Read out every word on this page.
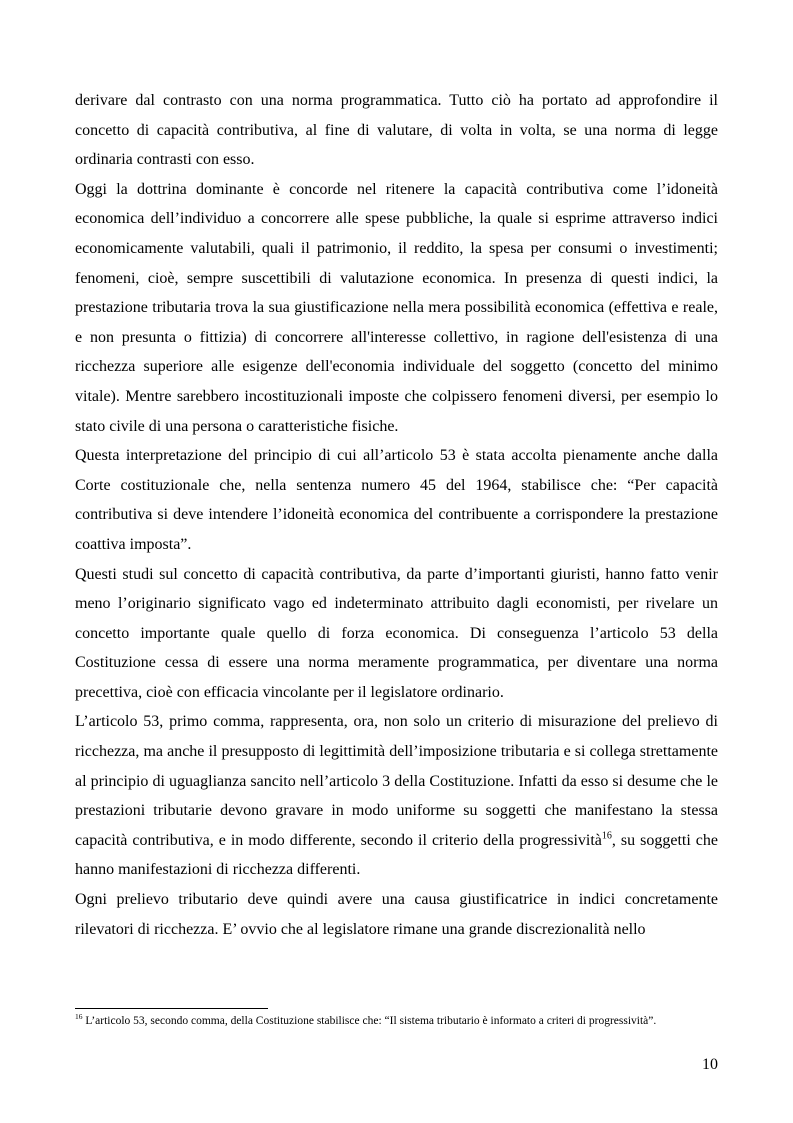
derivare dal contrasto con una norma programmatica. Tutto ciò ha portato ad approfondire il concetto di capacità contributiva, al fine di valutare, di volta in volta, se una norma di legge ordinaria contrasti con esso.

Oggi la dottrina dominante è concorde nel ritenere la capacità contributiva come l’idoneità economica dell’individuo a concorrere alle spese pubbliche, la quale si esprime attraverso indici economicamente valutabili, quali il patrimonio, il reddito, la spesa per consumi o investimenti; fenomeni, cioè, sempre suscettibili di valutazione economica. In presenza di questi indici, la prestazione tributaria trova la sua giustificazione nella mera possibilità economica (effettiva e reale, e non presunta o fittizia) di concorrere all'interesse collettivo, in ragione dell'esistenza di una ricchezza superiore alle esigenze dell'economia individuale del soggetto (concetto del minimo vitale). Mentre sarebbero incostituzionali imposte che colpissero fenomeni diversi, per esempio lo stato civile di una persona o caratteristiche fisiche.

Questa interpretazione del principio di cui all’articolo 53 è stata accolta pienamente anche dalla Corte costituzionale che, nella sentenza numero 45 del 1964, stabilisce che: “Per capacità contributiva si deve intendere l’idoneità economica del contribuente a corrispondere la prestazione coattiva imposta”.

Questi studi sul concetto di capacità contributiva, da parte d’importanti giuristi, hanno fatto venir meno l’originario significato vago ed indeterminato attribuito dagli economisti, per rivelare un concetto importante quale quello di forza economica. Di conseguenza l’articolo 53 della Costituzione cessa di essere una norma meramente programmatica, per diventare una norma precettiva, cioè con efficacia vincolante per il legislatore ordinario.

L’articolo 53, primo comma, rappresenta, ora, non solo un criterio di misurazione del prelievo di ricchezza, ma anche il presupposto di legittimità dell’imposizione tributaria e si collega strettamente al principio di uguaglianza sancito nell’articolo 3 della Costituzione. Infatti da esso si desume che le prestazioni tributarie devono gravare in modo uniforme su soggetti che manifestano la stessa capacità contributiva, e in modo differente, secondo il criterio della progressività$^{16}$, su soggetti che hanno manifestazioni di ricchezza differenti.

Ogni prelievo tributario deve quindi avere una causa giustificatrice in indici concretamente rilevatori di ricchezza. E’ ovvio che al legislatore rimane una grande discrezionalità nello

$^{16}$ L’articolo 53, secondo comma, della Costituzione stabilisce che: “Il sistema tributario è informato a criteri di progressività”.

10
